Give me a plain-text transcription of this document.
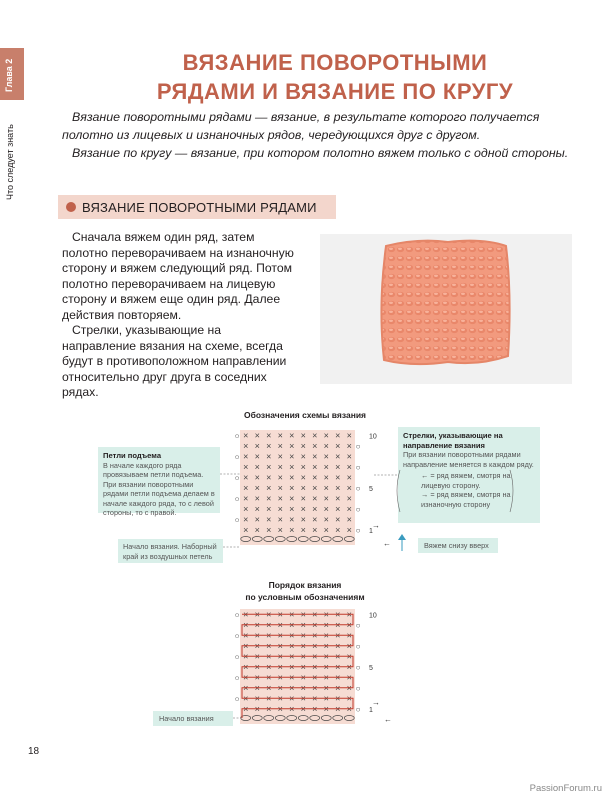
Глава 2
Что следует знать
ВЯЗАНИЕ ПОВОРОТНЫМИ
РЯДАМИ И ВЯЗАНИЕ ПО КРУГУ

Вязание поворотными рядами — вязание, в результате которого получается полотно из лицевых и изнаночных рядов, чередующихся друг с другом.

Вязание по кругу — вязание, при котором полотно вяжем только с одной стороны.

ВЯЗАНИЕ ПОВОРОТНЫМИ РЯДАМИ

Сначала вяжем один ряд, затем полотно переворачиваем на изнаночную сторону и вяжем следующий ряд. Потом полотно переворачиваем на лицевую сторону и вяжем еще один ряд. Далее действия повторяем.

Стрелки, указывающие на направление вязания на схеме, всегда будут в противоположном направлении относительно друг друга в соседних рядах.

Обозначения схемы вязания
× × × × × × × × × ×
○
× × × × × × × × × × ○
× × × × × × × × × ×
○
× × × × × × × × × × ○
× × × × × × × × × ×
○
× × × × × × × × × × ○
× × × × × × × × × ×
○
× × × × × × × × × × ○
× × × × × × × × × ×
○
× × × × × × × × × × ○
10
5
1
Петли подъема
В начале каждого ряда провязываем петли подъема. При вязании поворотными рядами петли подъема делаем в начале каждого ряда, то с левой стороны, то с правой.
Начало вязания. Наборный край из воздушных петель
Стрелки, указывающие на направление вязания
При вязании поворотными рядами направление меняется в каждом ряду.
← = ряд вяжем, смотря на лицевую сторону.
→ = ряд вяжем, смотря на изнаночную сторону
Вяжем снизу вверх
→
←
Порядок вязания
по условным обозначениям
× × × × × × × × × ×
○
× × × × × × × × × × ○
× × × × × × × × × ×
○
× × × × × × × × × × ○
× × × × × × × × × ×
○
× × × × × × × × × × ○
× × × × × × × × × ×
○
× × × × × × × × × × ○
× × × × × × × × × ×
○
× × × × × × × × × × ○
10
5
1
Начало вязания
→
←
18
PassionForum.ru
